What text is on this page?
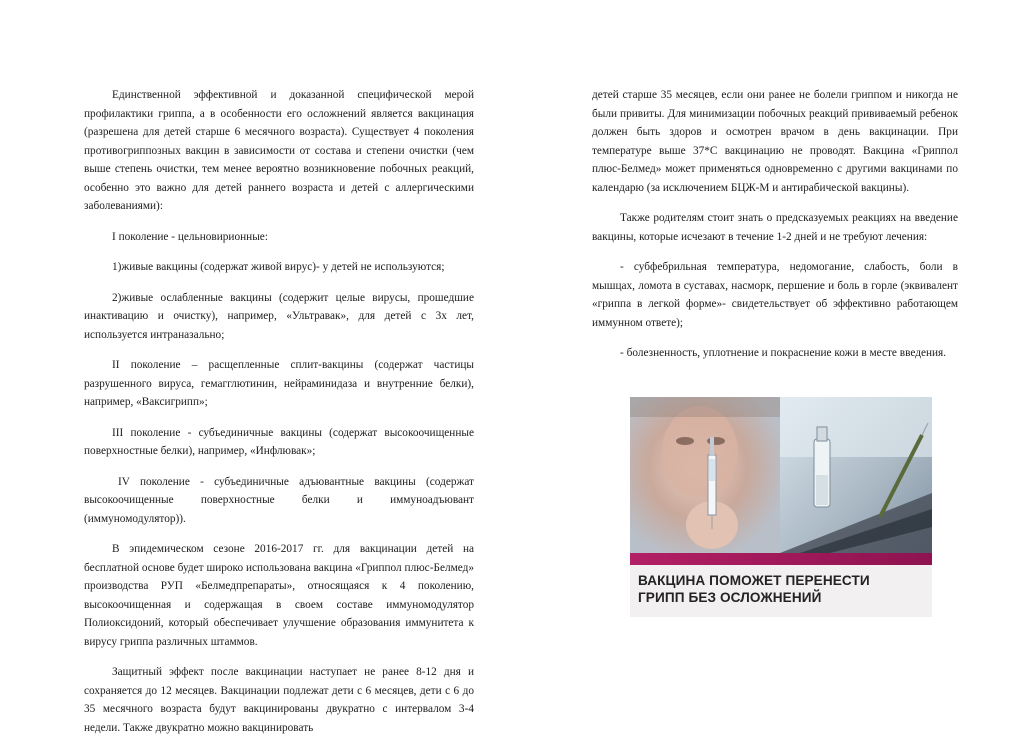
Единственной эффективной и доказанной специфической мерой профилактики гриппа, а в особенности его осложнений является вакцинация (разрешена для детей старше 6 месячного возраста). Существует 4 поколения противогриппозных вакцин в зависимости от состава и степени очистки (чем выше степень очистки, тем менее вероятно возникновение побочных реакций, особенно это важно для детей раннего возраста и детей с аллергическими заболеваниями):

I поколение - цельновирионные:

1)живые вакцины (содержат живой вирус)- у детей не используются;

2)живые ослабленные вакцины (содержит целые вирусы, прошедшие инактивацию и очистку), например, «Ультравак», для детей с 3х лет, используется интраназально;

II поколение – расщепленные сплит-вакцины (содержат частицы разрушенного вируса, гемагглютинин, нейраминидаза и внутренние белки), например, «Ваксигрипп»;

III поколение - субъединичные вакцины (содержат высокоочищенные поверхностные белки), например, «Инфлювак»;

IV поколение - субъединичные адъювантные вакцины (содержат высокоочищенные поверхностные белки и иммуноадъювант (иммуномодулятор)).

В эпидемическом сезоне 2016-2017 гг. для вакцинации детей на бесплатной основе будет широко использована вакцина «Гриппол плюс-Белмед» производства РУП «Белмедпрепараты», относящаяся к 4 поколению, высокоочищенная и содержащая в своем составе иммуномодулятор Полиоксидоний, который обеспечивает улучшение образования иммунитета к вирусу гриппа различных штаммов.

Защитный эффект после вакцинации наступает не ранее 8-12 дня и сохраняется до 12 месяцев. Вакцинации подлежат дети с 6 месяцев, дети с 6 до 35 месячного возраста будут вакцинированы двукратно с интервалом 3-4 недели. Также двукратно можно вакцинировать

детей старше 35 месяцев, если они ранее не болели гриппом и никогда не были привиты. Для минимизации побочных реакций прививаемый ребенок должен быть здоров и осмотрен врачом в день вакцинации. При температуре выше 37*С вакцинацию не проводят. Вакцина «Гриппол плюс-Белмед» может применяться одновременно с другими вакцинами по календарю (за исключением БЦЖ-М и антирабической вакцины).

Также родителям стоит знать о предсказуемых реакциях на введение вакцины, которые исчезают в течение 1-2 дней и не требуют лечения:

- субфебрильная температура, недомогание, слабость, боли в мышцах, ломота в суставах, насморк, першение и боль в горле (эквивалент «гриппа в легкой форме»- свидетельствует об эффективно работающем иммунном ответе);

- болезненность, уплотнение и покраснение кожи в месте введения.

ВАКЦИНА ПОМОЖЕТ ПЕРЕНЕСТИ
ГРИПП БЕЗ ОСЛОЖНЕНИЙ
